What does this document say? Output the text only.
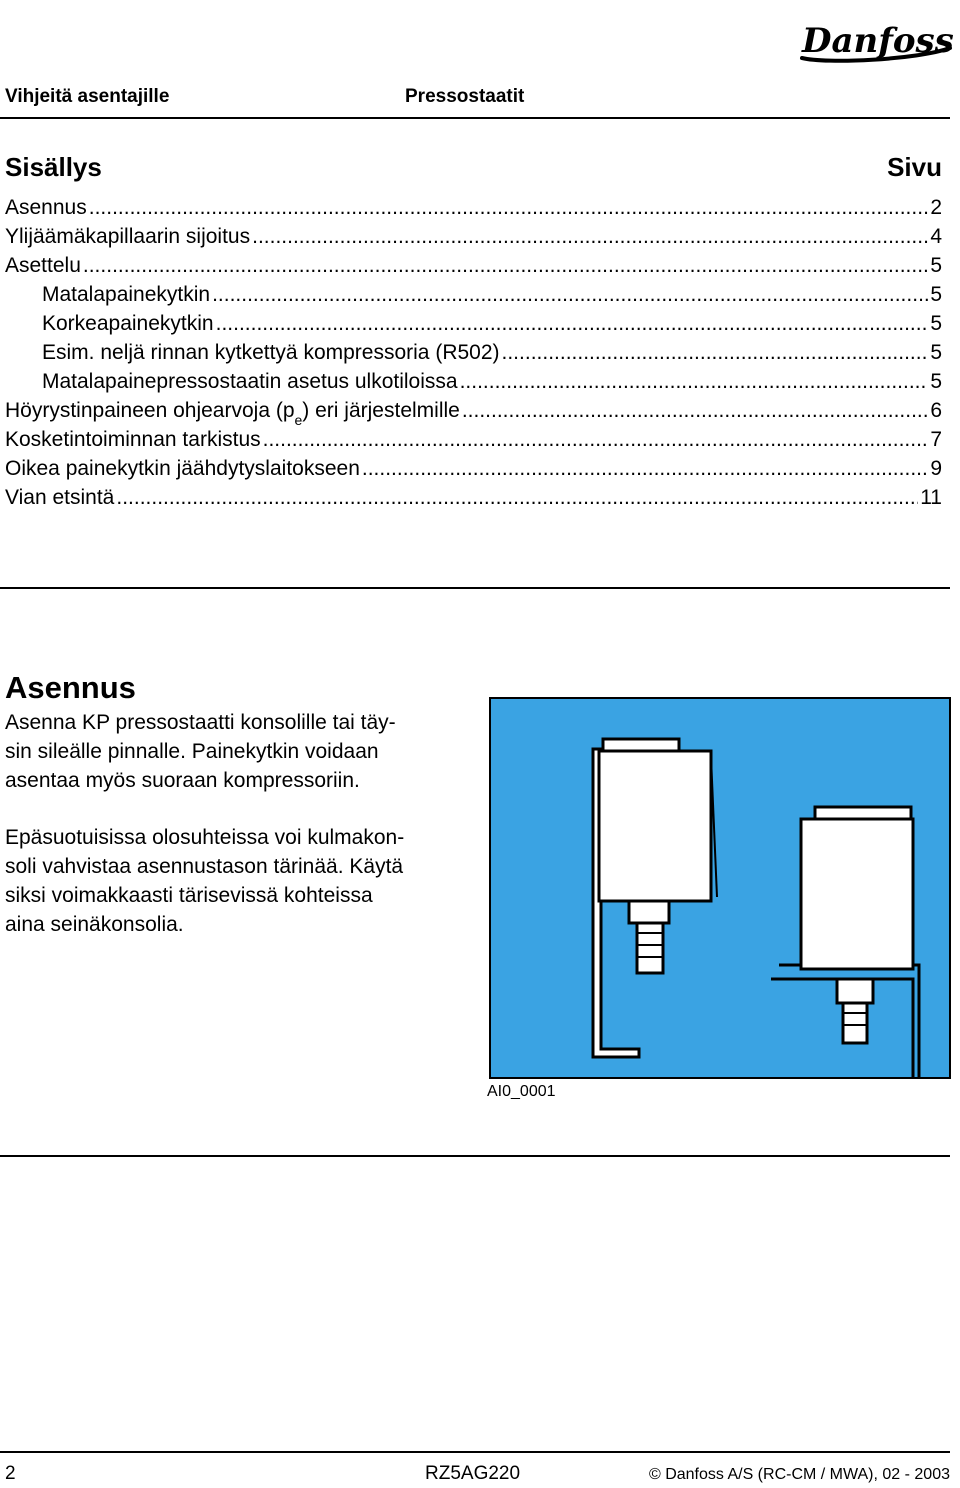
Danfoss
Vihjeitä asentajille	Pressostaatit
Sisällys	Sivu
Asennus .....	2
Ylijäämäkapillaarin sijoitus .....	4
Asettelu .....	5
Matalapainekytkin .....	5
Korkeapainekytkin .....	5
Esim. neljä rinnan kytkettyä kompressoria (R502) .....	5
Matalapainepressostaatin asetus ulkotiloissa .....	5
Höyrystinpaineen ohjearvoja (p e ) eri järjestelmille .....	6
Kosketintoiminnan tarkistus .....	7
Oikea painekytkin jäähdytyslaitokseen .....	9
Vian etsintä .....	11
Asennus
Asenna KP pressostaatti konsolille tai täy-
sin sileälle pinnalle. Painekytkin voidaan
asentaa myös suoraan kompressoriin.
Epäsuotuisissa olosuhteissa voi kulmakon-
soli vahvistaa asennustason tärinää. Käytä
siksi voimakkaasti tärisevissä kohteissa
aina seinäkonsolia.
AI0_0001
2	RZ5AG220	© Danfoss A/S (RC-CM / MWA), 02 - 2003
